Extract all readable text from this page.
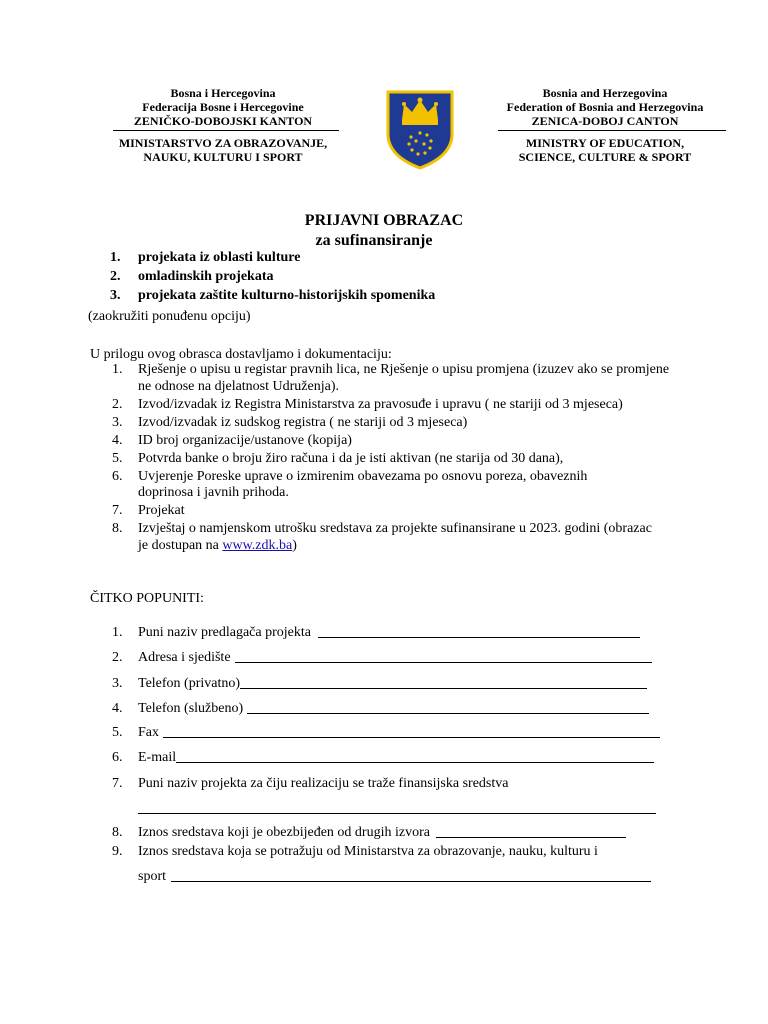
Bosna i Hercegovina
Federacija Bosne i Hercegovine
ZENIČKO-DOBOJSKI KANTON
MINISTARSTVO ZA OBRAZOVANJE,
NAUKU, KULTURU I SPORT
Bosnia and Herzegovina
Federation of Bosnia and Herzegovina
ZENICA-DOBOJ CANTON
MINISTRY OF EDUCATION,
SCIENCE, CULTURE & SPORT
PRIJAVNI OBRAZAC
za sufinansiranje
1.	projekata iz oblasti kulture
2.	omladinskih projekata
3.	projekata zaštite kulturno-historijskih spomenika
(zaokružiti ponuđenu opciju)
U prilogu ovog obrasca dostavljamo i dokumentaciju:
1.	Rješenje o upisu u registar pravnih lica, ne Rješenje o upisu promjena (izuzev ako se promjene ne odnose na djelatnost Udruženja).
2.	Izvod/izvadak iz Registra Ministarstva za pravosuđe i upravu ( ne stariji od 3 mjeseca)
3.	Izvod/izvadak iz sudskog registra ( ne stariji od 3 mjeseca)
4.	ID broj organizacije/ustanove (kopija)
5.	Potvrda banke o broju žiro računa i da je isti aktivan (ne starija od 30 dana),
6.	Uvjerenje Poreske uprave o izmirenim obavezama po osnovu poreza, obaveznih doprinosa i javnih prihoda.
7.	Projekat
8.	Izvještaj o namjenskom utrošku sredstava za projekte sufinansirane u 2023. godini (obrazac je dostupan na www.zdk.ba)
ČITKO POPUNITI:
1.	Puni naziv predlagača projekta
2.	Adresa i sjedište
3.	Telefon (privatno)
4.	Telefon (službeno)
5.	Fax
6.	E-mail
7.	Puni naziv projekta za čiju realizaciju se traže finansijska sredstva
8.	Iznos sredstava koji je obezbijeđen od drugih izvora
9.	Iznos sredstava koja se potražuju od Ministarstva za obrazovanje, nauku, kulturu i
sport
